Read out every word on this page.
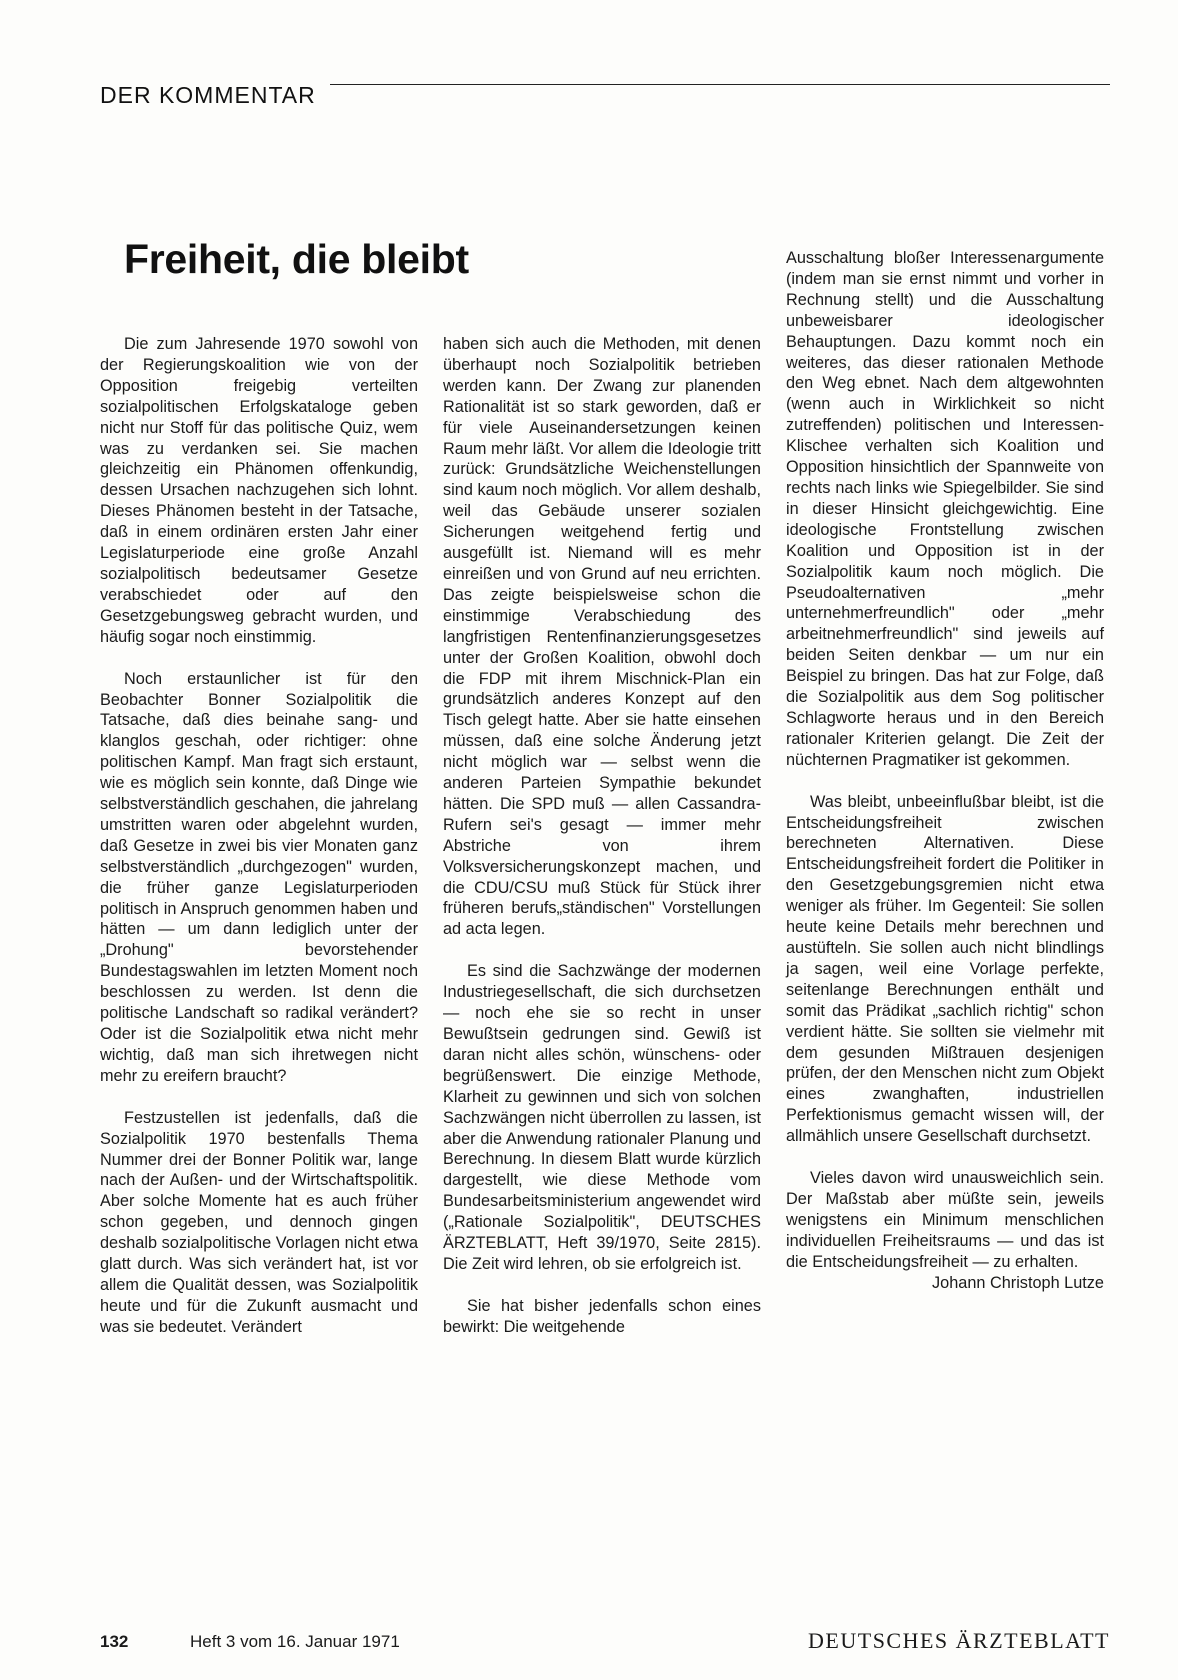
DER KOMMENTAR
Freiheit, die bleibt

Die zum Jahresende 1970 sowohl von der Regierungskoalition wie von der Opposition freigebig verteilten sozialpolitischen Erfolgskataloge geben nicht nur Stoff für das politische Quiz, wem was zu verdanken sei. Sie machen gleichzeitig ein Phänomen offenkundig, dessen Ursachen nachzugehen sich lohnt. Dieses Phänomen besteht in der Tatsache, daß in einem ordinären ersten Jahr einer Legislaturperiode eine große Anzahl sozialpolitisch bedeutsamer Gesetze verabschiedet oder auf den Gesetzgebungsweg gebracht wurden, und häufig sogar noch einstimmig.

Noch erstaunlicher ist für den Beobachter Bonner Sozialpolitik die Tatsache, daß dies beinahe sang- und klanglos geschah, oder richtiger: ohne politischen Kampf. Man fragt sich erstaunt, wie es möglich sein konnte, daß Dinge wie selbstverständlich geschahen, die jahrelang umstritten waren oder abgelehnt wurden, daß Gesetze in zwei bis vier Monaten ganz selbstverständlich „durchgezogen" wurden, die früher ganze Legislaturperioden politisch in Anspruch genommen haben und hätten — um dann lediglich unter der „Drohung" bevorstehender Bundestagswahlen im letzten Moment noch beschlossen zu werden. Ist denn die politische Landschaft so radikal verändert? Oder ist die Sozialpolitik etwa nicht mehr wichtig, daß man sich ihretwegen nicht mehr zu ereifern braucht?

Festzustellen ist jedenfalls, daß die Sozialpolitik 1970 bestenfalls Thema Nummer drei der Bonner Politik war, lange nach der Außen- und der Wirtschaftspolitik. Aber solche Momente hat es auch früher schon gegeben, und dennoch gingen deshalb sozialpolitische Vorlagen nicht etwa glatt durch. Was sich verändert hat, ist vor allem die Qualität dessen, was Sozialpolitik heute und für die Zukunft ausmacht und was sie bedeutet. Verändert

haben sich auch die Methoden, mit denen überhaupt noch Sozialpolitik betrieben werden kann. Der Zwang zur planenden Rationalität ist so stark geworden, daß er für viele Auseinandersetzungen keinen Raum mehr läßt. Vor allem die Ideologie tritt zurück: Grundsätzliche Weichenstellungen sind kaum noch möglich. Vor allem deshalb, weil das Gebäude unserer sozialen Sicherungen weitgehend fertig und ausgefüllt ist. Niemand will es mehr einreißen und von Grund auf neu errichten. Das zeigte beispielsweise schon die einstimmige Verabschiedung des langfristigen Rentenfinanzierungsgesetzes unter der Großen Koalition, obwohl doch die FDP mit ihrem Mischnick-Plan ein grundsätzlich anderes Konzept auf den Tisch gelegt hatte. Aber sie hatte einsehen müssen, daß eine solche Änderung jetzt nicht möglich war — selbst wenn die anderen Parteien Sympathie bekundet hätten. Die SPD muß — allen Cassandra-Rufern sei's gesagt — immer mehr Abstriche von ihrem Volksversicherungskonzept machen, und die CDU/CSU muß Stück für Stück ihrer früheren berufs„ständischen" Vorstellungen ad acta legen.

Es sind die Sachzwänge der modernen Industriegesellschaft, die sich durchsetzen — noch ehe sie so recht in unser Bewußtsein gedrungen sind. Gewiß ist daran nicht alles schön, wünschens- oder begrüßenswert. Die einzige Methode, Klarheit zu gewinnen und sich von solchen Sachzwängen nicht überrollen zu lassen, ist aber die Anwendung rationaler Planung und Berechnung. In diesem Blatt wurde kürzlich dargestellt, wie diese Methode vom Bundesarbeitsministerium angewendet wird („Rationale Sozialpolitik", DEUTSCHES ÄRZTEBLATT, Heft 39/1970, Seite 2815). Die Zeit wird lehren, ob sie erfolgreich ist.

Sie hat bisher jedenfalls schon eines bewirkt: Die weitgehende

Ausschaltung bloßer Interessenargumente (indem man sie ernst nimmt und vorher in Rechnung stellt) und die Ausschaltung unbeweisbarer ideologischer Behauptungen. Dazu kommt noch ein weiteres, das dieser rationalen Methode den Weg ebnet. Nach dem altgewohnten (wenn auch in Wirklichkeit so nicht zutreffenden) politischen und Interessen-Klischee verhalten sich Koalition und Opposition hinsichtlich der Spannweite von rechts nach links wie Spiegelbilder. Sie sind in dieser Hinsicht gleichgewichtig. Eine ideologische Frontstellung zwischen Koalition und Opposition ist in der Sozialpolitik kaum noch möglich. Die Pseudoalternativen „mehr unternehmerfreundlich" oder „mehr arbeitnehmerfreundlich" sind jeweils auf beiden Seiten denkbar — um nur ein Beispiel zu bringen. Das hat zur Folge, daß die Sozialpolitik aus dem Sog politischer Schlagworte heraus und in den Bereich rationaler Kriterien gelangt. Die Zeit der nüchternen Pragmatiker ist gekommen.

Was bleibt, unbeeinflußbar bleibt, ist die Entscheidungsfreiheit zwischen berechneten Alternativen. Diese Entscheidungsfreiheit fordert die Politiker in den Gesetzgebungsgremien nicht etwa weniger als früher. Im Gegenteil: Sie sollen heute keine Details mehr berechnen und austüfteln. Sie sollen auch nicht blindlings ja sagen, weil eine Vorlage perfekte, seitenlange Berechnungen enthält und somit das Prädikat „sachlich richtig" schon verdient hätte. Sie sollten sie vielmehr mit dem gesunden Mißtrauen desjenigen prüfen, der den Menschen nicht zum Objekt eines zwanghaften, industriellen Perfektionismus gemacht wissen will, der allmählich unsere Gesellschaft durchsetzt.

Vieles davon wird unausweichlich sein. Der Maßstab aber müßte sein, jeweils wenigstens ein Minimum menschlichen individuellen Freiheitsraums — und das ist die Entscheidungsfreiheit — zu erhalten.
Johann Christoph Lutze

132	Heft 3 vom 16. Januar 1971	DEUTSCHES ÄRZTEBLATT
